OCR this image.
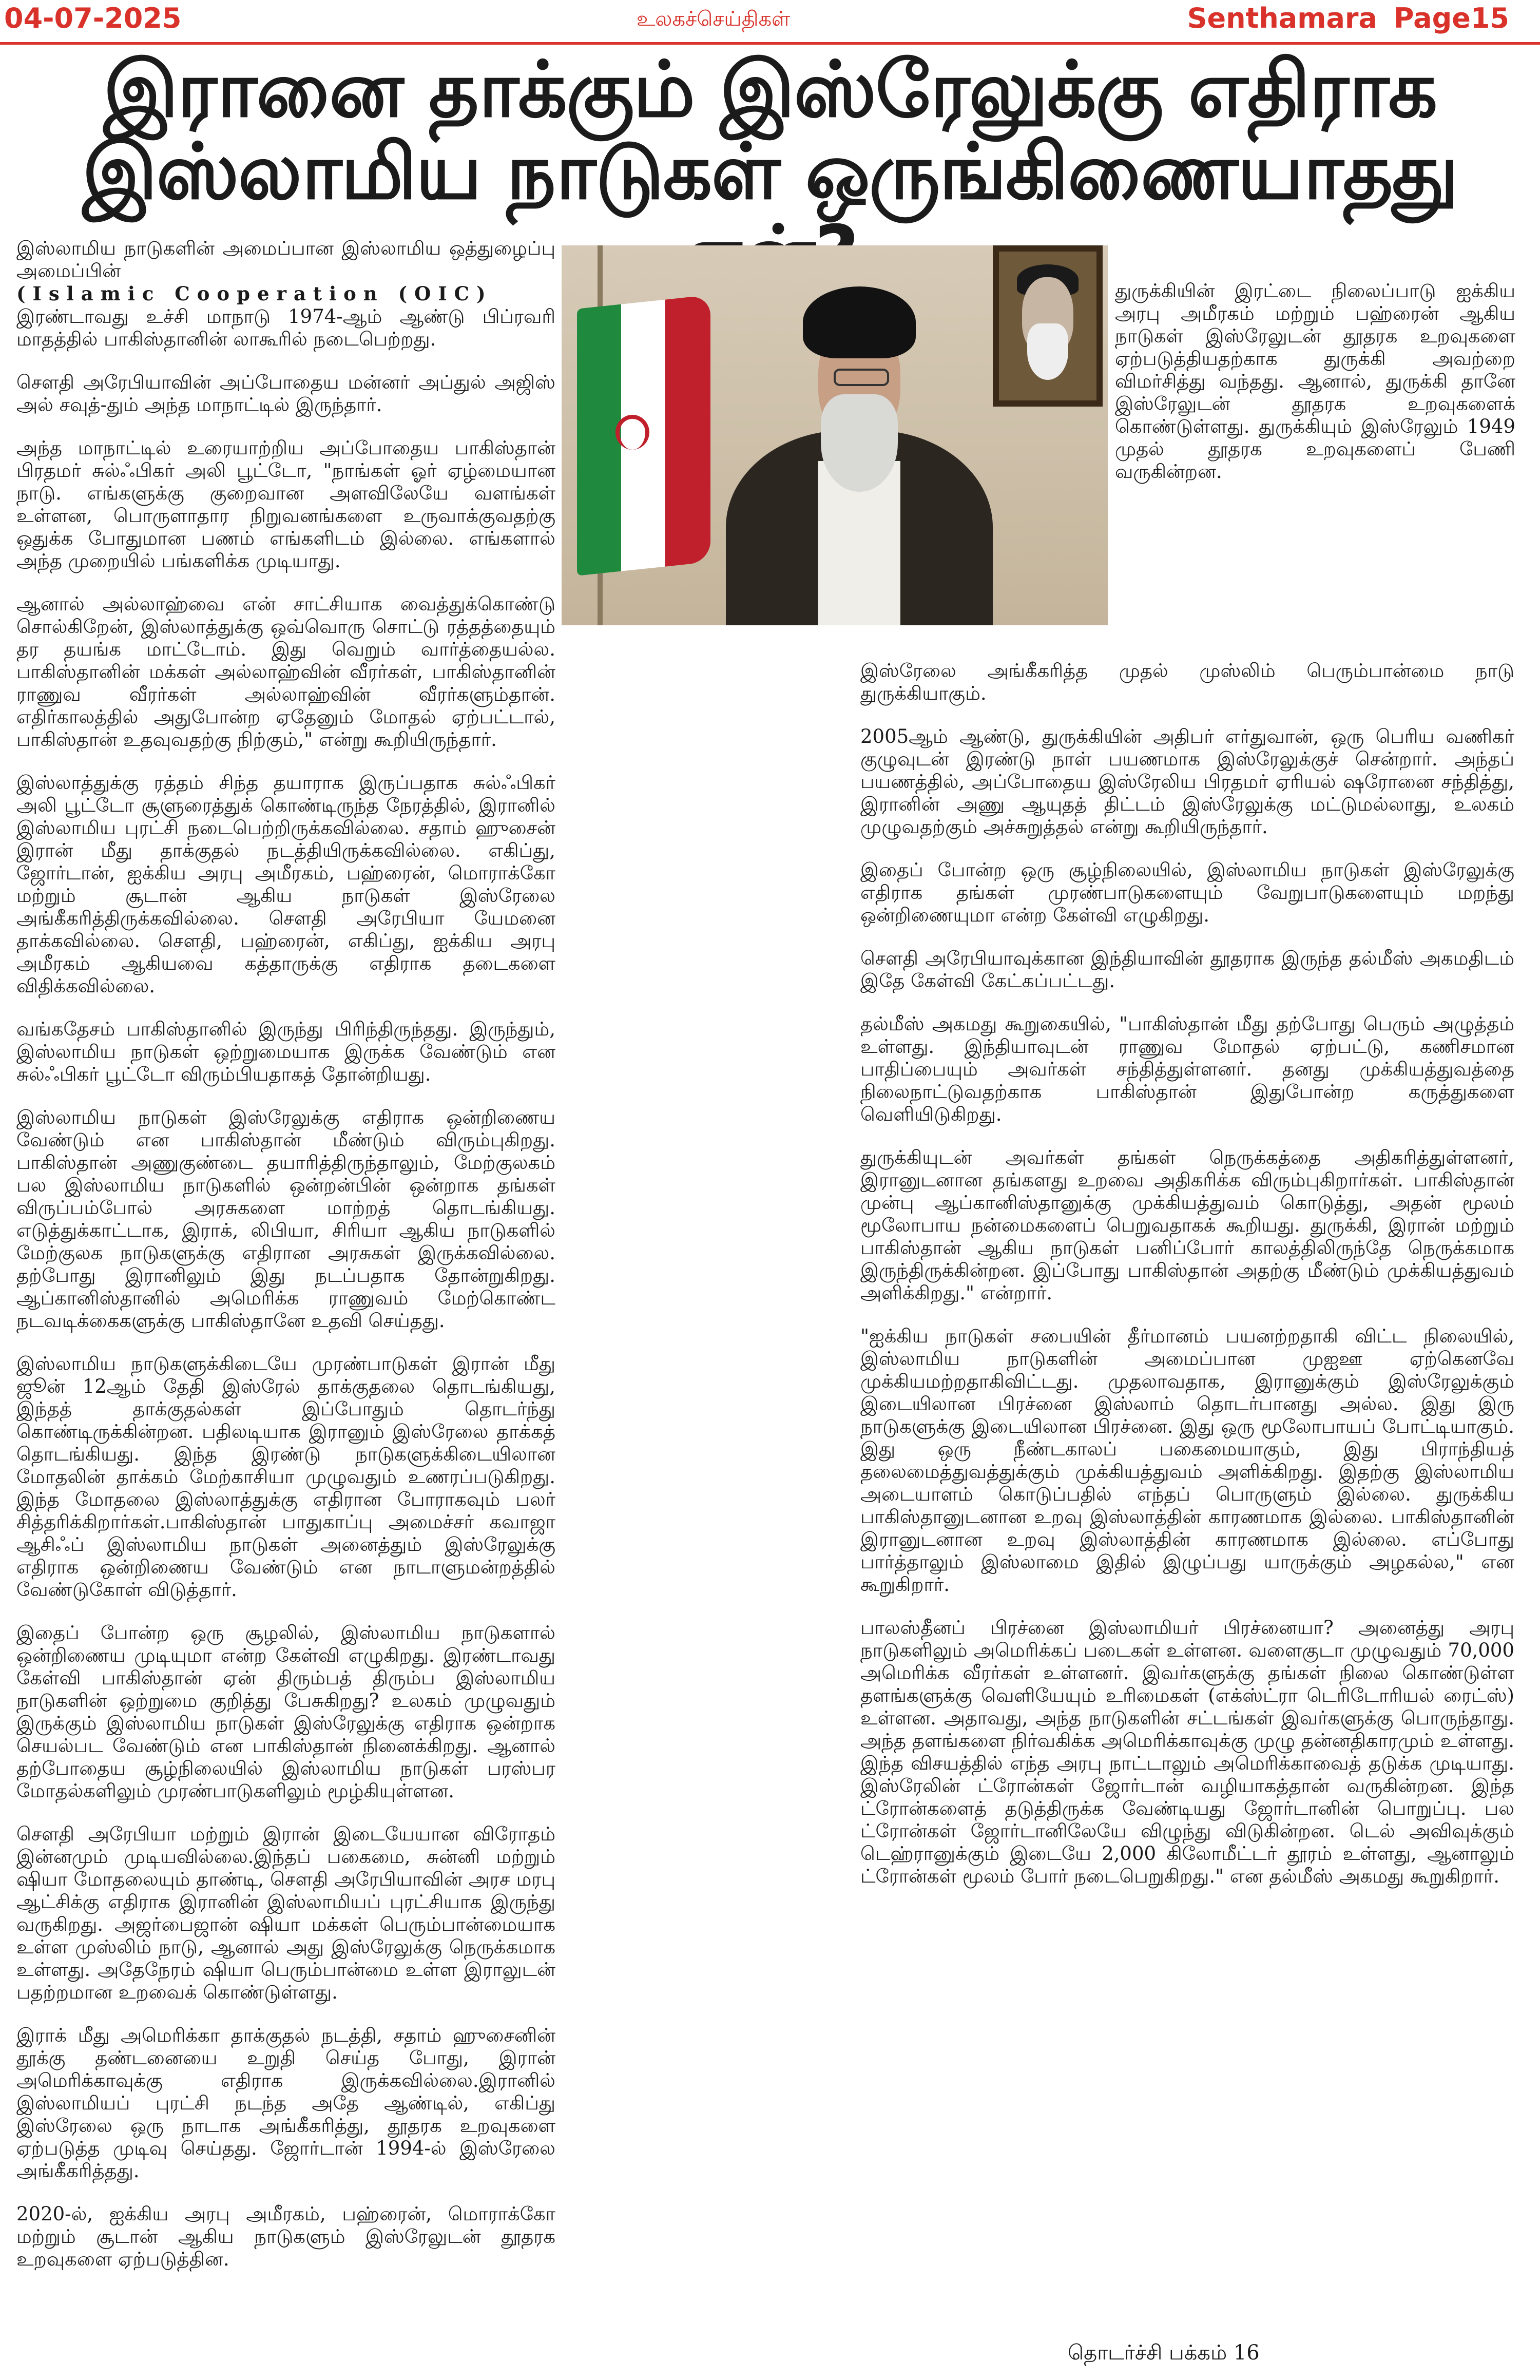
04-07-2025	உலகச்செய்திகள்	Senthamara Page15
இரானை தாக்கும் இஸ்ரேலுக்கு எதிராக
இஸ்லாமிய நாடுகள் ஒருங்கிணையாதது

இஸ்லாமிய நாடுகளின் அமைப்பான இஸ்லாமிய ஒத்துழைப்பு அமைப்பின்
(Islamic Cooperation (OIC)
இரண்டாவது உச்சி மாநாடு 1974-ஆம் ஆண்டு பிப்ரவரி மாதத்தில் பாகிஸ்தானின் லாகூரில் நடைபெற்றது.

சௌதி அரேபியாவின் அப்போதைய மன்னர் அப்துல் அஜிஸ் அல் சவுத்-தும் அந்த மாநாட்டில் இருந்தார்.

அந்த மாநாட்டில் உரையாற்றிய அப்போதைய பாகிஸ்தான் பிரதமர் சுல்ஃபிகர் அலி பூட்டோ, "நாங்கள் ஓர் ஏழ்மையான நாடு. எங்களுக்கு குறைவான அளவிலேயே வளங்கள் உள்ளன, பொருளாதார நிறுவனங்களை உருவாக்குவதற்கு ஒதுக்க போதுமான பணம் எங்களிடம் இல்லை. எங்களால் அந்த முறையில் பங்களிக்க முடியாது.

ஆனால் அல்லாஹ்வை என் சாட்சியாக வைத்துக்கொண்டு சொல்கிறேன், இஸ்லாத்துக்கு ஒவ்வொரு சொட்டு ரத்தத்தையும் தர தயங்க மாட்டோம். இது வெறும் வார்த்தையல்ல. பாகிஸ்தானின் மக்கள் அல்லாஹ்வின் வீரர்கள், பாகிஸ்தானின் ராணுவ வீரர்கள் அல்லாஹ்வின் வீரர்களும்தான். எதிர்காலத்தில் அதுபோன்ற ஏதேனும் மோதல் ஏற்பட்டால், பாகிஸ்தான் உதவுவதற்கு நிற்கும்," என்று கூறியிருந்தார்.

இஸ்லாத்துக்கு ரத்தம் சிந்த தயாராக இருப்பதாக சுல்ஃபிகர் அலி பூட்டோ சூளுரைத்துக் கொண்டிருந்த நேரத்தில், இரானில் இஸ்லாமிய புரட்சி நடைபெற்றிருக்கவில்லை. சதாம் ஹுசைன் இரான் மீது தாக்குதல் நடத்தியிருக்கவில்லை. எகிப்து, ஜோர்டான், ஐக்கிய அரபு அமீரகம், பஹ்ரைன், மொராக்கோ மற்றும் சூடான் ஆகிய நாடுகள் இஸ்ரேலை அங்கீகரித்திருக்கவில்லை. சௌதி அரேபியா யேமனை தாக்கவில்லை. சௌதி, பஹ்ரைன், எகிப்து, ஐக்கிய அரபு அமீரகம் ஆகியவை கத்தாருக்கு எதிராக தடைகளை விதிக்கவில்லை.

வங்கதேசம் பாகிஸ்தானில் இருந்து பிரிந்திருந்தது. இருந்தும், இஸ்லாமிய நாடுகள் ஒற்றுமையாக இருக்க வேண்டும் என சுல்ஃபிகர் பூட்டோ விரும்பியதாகத் தோன்றியது.

இஸ்லாமிய நாடுகள் இஸ்ரேலுக்கு எதிராக ஒன்றிணைய வேண்டும் என பாகிஸ்தான் மீண்டும் விரும்புகிறது. பாகிஸ்தான் அணுகுண்டை தயாரித்திருந்தாலும், மேற்குலகம் பல இஸ்லாமிய நாடுகளில் ஒன்றன்பின் ஒன்றாக தங்கள் விருப்பம்போல் அரசுகளை மாற்றத் தொடங்கியது. எடுத்துக்காட்டாக, இராக், லிபியா, சிரியா ஆகிய நாடுகளில் மேற்குலக நாடுகளுக்கு எதிரான அரசுகள் இருக்கவில்லை. தற்போது இரானிலும் இது நடப்பதாக தோன்றுகிறது. ஆப்கானிஸ்தானில் அமெரிக்க ராணுவம் மேற்கொண்ட நடவடிக்கைகளுக்கு பாகிஸ்தானே உதவி செய்தது.

இஸ்லாமிய நாடுகளுக்கிடையே முரண்பாடுகள் இரான் மீது ஜூன் 12ஆம் தேதி இஸ்ரேல் தாக்குதலை தொடங்கியது, இந்தத் தாக்குதல்கள் இப்போதும் தொடர்ந்து கொண்டிருக்கின்றன. பதிலடியாக இரானும் இஸ்ரேலை தாக்கத் தொடங்கியது. இந்த இரண்டு நாடுகளுக்கிடையிலான மோதலின் தாக்கம் மேற்காசியா முழுவதும் உணரப்படுகிறது. இந்த மோதலை இஸ்லாத்துக்கு எதிரான போராகவும் பலர் சித்தரிக்கிறார்கள்.பாகிஸ்தான் பாதுகாப்பு அமைச்சர் கவாஜா ஆசிஃப் இஸ்லாமிய நாடுகள் அனைத்தும் இஸ்ரேலுக்கு எதிராக ஒன்றிணைய வேண்டும் என நாடாளுமன்றத்தில் வேண்டுகோள் விடுத்தார்.

இதைப் போன்ற ஒரு சூழலில், இஸ்லாமிய நாடுகளால் ஒன்றிணைய முடியுமா என்ற கேள்வி எழுகிறது. இரண்டாவது கேள்வி பாகிஸ்தான் ஏன் திரும்பத் திரும்ப இஸ்லாமிய நாடுகளின் ஒற்றுமை குறித்து பேசுகிறது? உலகம் முழுவதும் இருக்கும் இஸ்லாமிய நாடுகள் இஸ்ரேலுக்கு எதிராக ஒன்றாக செயல்பட வேண்டும் என பாகிஸ்தான் நினைக்கிறது. ஆனால் தற்போதைய சூழ்நிலையில் இஸ்லாமிய நாடுகள் பரஸ்பர மோதல்களிலும் முரண்பாடுகளிலும் மூழ்கியுள்ளன.

சௌதி அரேபியா மற்றும் இரான் இடையேயான விரோதம் இன்னமும் முடியவில்லை.இந்தப் பகைமை, சுன்னி மற்றும் ஷியா மோதலையும் தாண்டி, சௌதி அரேபியாவின் அரச மரபு ஆட்சிக்கு எதிராக இரானின் இஸ்லாமியப் புரட்சியாக இருந்து வருகிறது. அஜர்பைஜான் ஷியா மக்கள் பெரும்பான்மையாக உள்ள முஸ்லிம் நாடு, ஆனால் அது இஸ்ரேலுக்கு நெருக்கமாக உள்ளது. அதேநேரம் ஷியா பெரும்பான்மை உள்ள இராலுடன் பதற்றமான உறவைக் கொண்டுள்ளது.

இராக் மீது அமெரிக்கா தாக்குதல் நடத்தி, சதாம் ஹுசைனின் தூக்கு தண்டனையை உறுதி செய்த போது, இரான் அமெரிக்காவுக்கு எதிராக இருக்கவில்லை.இரானில் இஸ்லாமியப் புரட்சி நடந்த அதே ஆண்டில், எகிப்து இஸ்ரேலை ஒரு நாடாக அங்கீகரித்து, தூதரக உறவுகளை ஏற்படுத்த முடிவு செய்தது. ஜோர்டான் 1994-ல் இஸ்ரேலை அங்கீகரித்தது.

2020-ல், ஐக்கிய அரபு அமீரகம், பஹ்ரைன், மொராக்கோ மற்றும் சூடான் ஆகிய நாடுகளும் இஸ்ரேலுடன் தூதரக உறவுகளை ஏற்படுத்தின.

துருக்கியின் இரட்டை நிலைப்பாடு ஐக்கிய அரபு அமீரகம் மற்றும் பஹ்ரைன் ஆகிய நாடுகள் இஸ்ரேலுடன் தூதரக உறவுகளை ஏற்படுத்தியதற்காக துருக்கி அவற்றை விமர்சித்து வந்தது. ஆனால், துருக்கி தானே இஸ்ரேலுடன் தூதரக உறவுகளைக் கொண்டுள்ளது. துருக்கியும் இஸ்ரேலும் 1949 முதல் தூதரக உறவுகளைப் பேணி வருகின்றன.

இஸ்ரேலை அங்கீகரித்த முதல் முஸ்லிம் பெரும்பான்மை நாடு துருக்கியாகும்.

2005ஆம் ஆண்டு, துருக்கியின் அதிபர் எர்துவான், ஒரு பெரிய வணிகர் குழுவுடன் இரண்டு நாள் பயணமாக இஸ்ரேலுக்குச் சென்றார். அந்தப் பயணத்தில், அப்போதைய இஸ்ரேலிய பிரதமர் ஏரியல் ஷரோனை சந்தித்து, இரானின் அணு ஆயுதத் திட்டம் இஸ்ரேலுக்கு மட்டுமல்லாது, உலகம் முழுவதற்கும் அச்சுறுத்தல் என்று கூறியிருந்தார்.

இதைப் போன்ற ஒரு சூழ்நிலையில், இஸ்லாமிய நாடுகள் இஸ்ரேலுக்கு எதிராக தங்கள் முரண்பாடுகளையும் வேறுபாடுகளையும் மறந்து ஒன்றிணையுமா என்ற கேள்வி எழுகிறது.

சௌதி அரேபியாவுக்கான இந்தியாவின் தூதராக இருந்த தல்மீஸ் அகமதிடம் இதே கேள்வி கேட்கப்பட்டது.

தல்மீஸ் அகமது கூறுகையில், "பாகிஸ்தான் மீது தற்போது பெரும் அழுத்தம் உள்ளது. இந்தியாவுடன் ராணுவ மோதல் ஏற்பட்டு, கணிசமான பாதிப்பையும் அவர்கள் சந்தித்துள்ளனர். தனது முக்கியத்துவத்தை நிலைநாட்டுவதற்காக பாகிஸ்தான் இதுபோன்ற கருத்துகளை வெளியிடுகிறது.

துருக்கியுடன் அவர்கள் தங்கள் நெருக்கத்தை அதிகரித்துள்ளனர், இரானுடனான தங்களது உறவை அதிகரிக்க விரும்புகிறார்கள். பாகிஸ்தான் முன்பு ஆப்கானிஸ்தானுக்கு முக்கியத்துவம் கொடுத்து, அதன் மூலம் மூலோபாய நன்மைகளைப் பெறுவதாகக் கூறியது. துருக்கி, இரான் மற்றும் பாகிஸ்தான் ஆகிய நாடுகள் பனிப்போர் காலத்திலிருந்தே நெருக்கமாக இருந்திருக்கின்றன. இப்போது பாகிஸ்தான் அதற்கு மீண்டும் முக்கியத்துவம் அளிக்கிறது." என்றார்.

"ஐக்கிய நாடுகள் சபையின் தீர்மானம் பயனற்றதாகி விட்ட நிலையில், இஸ்லாமிய நாடுகளின் அமைப்பான முஐஊ ஏற்கெனவே முக்கியமற்றதாகிவிட்டது. முதலாவதாக, இரானுக்கும் இஸ்ரேலுக்கும் இடையிலான பிரச்னை இஸ்லாம் தொடர்பானது அல்ல. இது இரு நாடுகளுக்கு இடையிலான பிரச்னை. இது ஒரு மூலோபாயப் போட்டியாகும். இது ஒரு நீண்டகாலப் பகைமையாகும், இது பிராந்தியத் தலைமைத்துவத்துக்கும் முக்கியத்துவம் அளிக்கிறது. இதற்கு இஸ்லாமிய அடையாளம் கொடுப்பதில் எந்தப் பொருளும் இல்லை. துருக்கிய பாகிஸ்தானுடனான உறவு இஸ்லாத்தின் காரணமாக இல்லை. பாகிஸ்தானின் இரானுடனான உறவு இஸ்லாத்தின் காரணமாக இல்லை. எப்போது பார்த்தாலும் இஸ்லாமை இதில் இழுப்பது யாருக்கும் அழகல்ல," என கூறுகிறார்.

பாலஸ்தீனப் பிரச்னை இஸ்லாமியர் பிரச்னையா? அனைத்து அரபு நாடுகளிலும் அமெரிக்கப் படைகள் உள்ளன. வளைகுடா முழுவதும் 70,000 அமெரிக்க வீரர்கள் உள்ளனர். இவர்களுக்கு தங்கள் நிலை கொண்டுள்ள தளங்களுக்கு வெளியேயும் உரிமைகள் (எக்ஸ்ட்ரா டெரிடோரியல் ரைட்ஸ்) உள்ளன. அதாவது, அந்த நாடுகளின் சட்டங்கள் இவர்களுக்கு பொருந்தாது. அந்த தளங்களை நிர்வகிக்க அமெரிக்காவுக்கு முழு தன்னதிகாரமும் உள்ளது. இந்த விசயத்தில் எந்த அரபு நாட்டாலும் அமெரிக்காவைத் தடுக்க முடியாது. இஸ்ரேலின் ட்ரோன்கள் ஜோர்டான் வழியாகத்தான் வருகின்றன. இந்த ட்ரோன்களைத் தடுத்திருக்க வேண்டியது ஜோர்டானின் பொறுப்பு. பல ட்ரோன்கள் ஜோர்டானிலேயே விழுந்து விடுகின்றன. டெல் அவிவுக்கும் டெஹ்ரானுக்கும் இடையே 2,000 கிலோமீட்டர் தூரம் உள்ளது, ஆனாலும் ட்ரோன்கள் மூலம் போர் நடைபெறுகிறது." என தல்மீஸ் அகமது கூறுகிறார்.

தொடர்ச்சி பக்கம் 16
